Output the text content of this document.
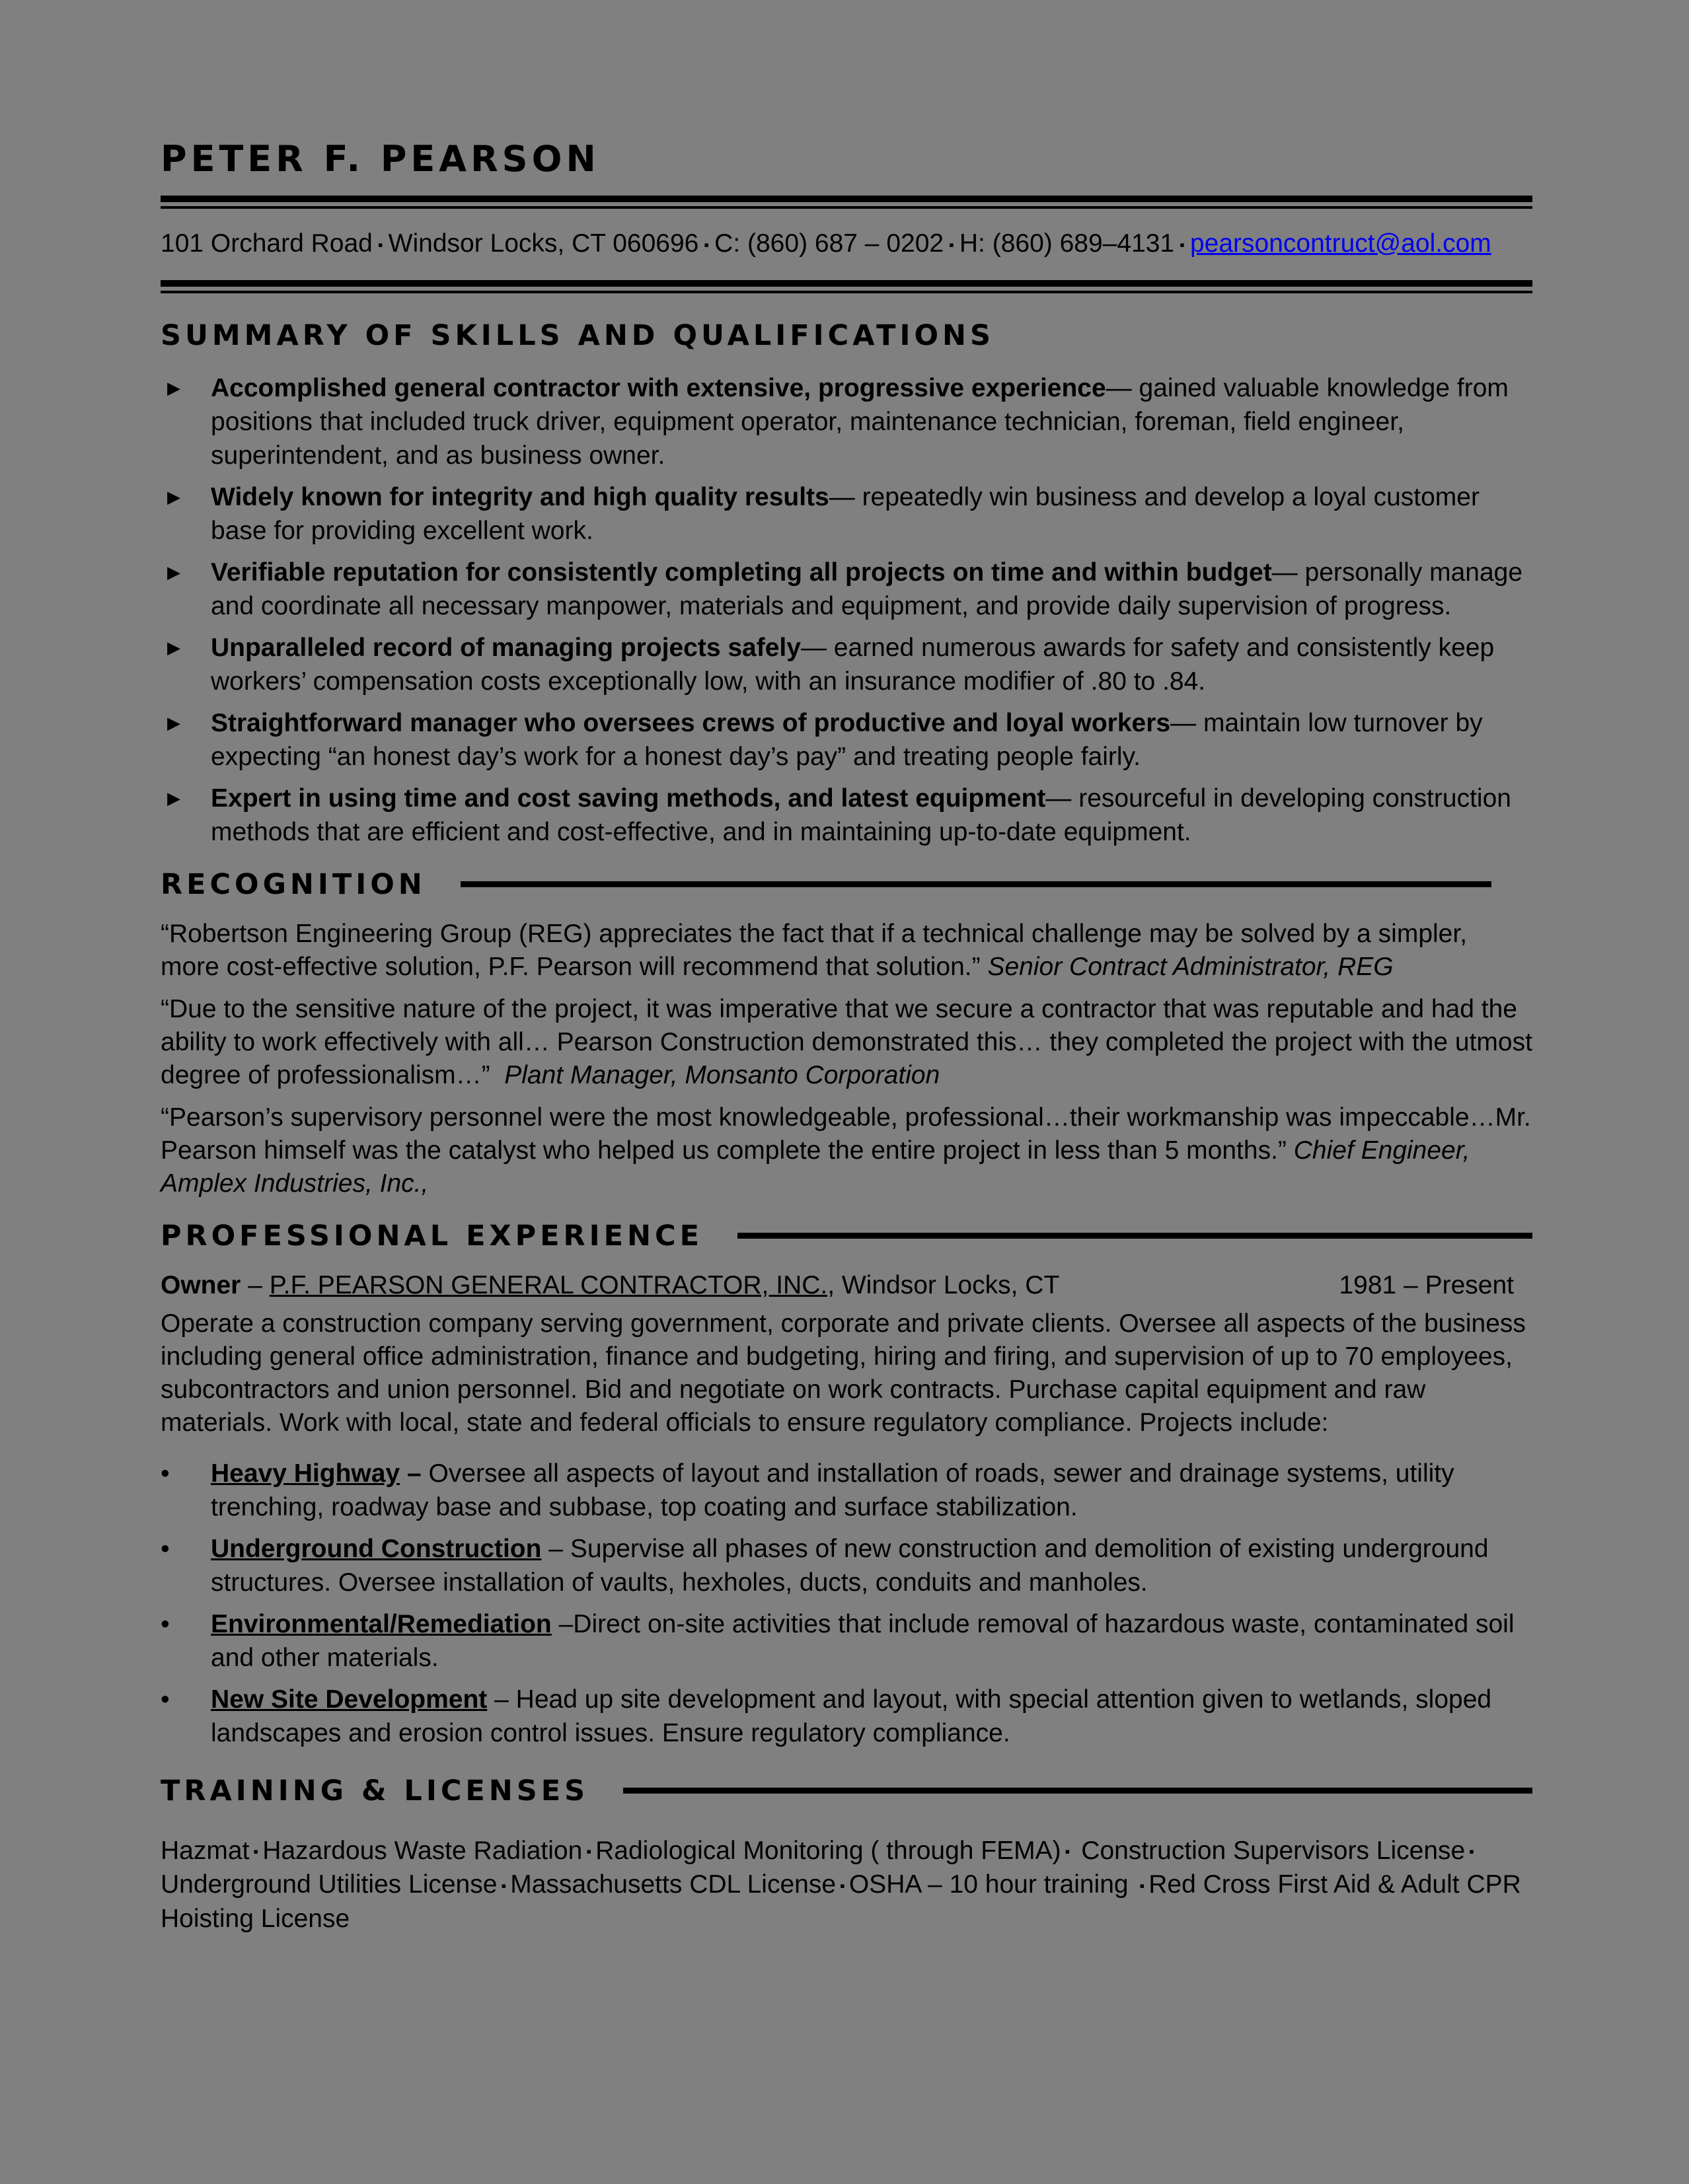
PETER F. PEARSON
101 Orchard Road ▪ Windsor Locks, CT 060696 ▪ C: (860) 687 – 0202 ▪ H: (860) 689–4131 ▪ pearsoncontruct@aol.com
SUMMARY OF SKILLS AND QUALIFICATIONS
▶ Accomplished general contractor with extensive, progressive experience— gained valuable knowledge from positions that included truck driver, equipment operator, maintenance technician, foreman, field engineer, superintendent, and as business owner.
▶ Widely known for integrity and high quality results— repeatedly win business and develop a loyal customer base for providing excellent work.
▶ Verifiable reputation for consistently completing all projects on time and within budget— personally manage and coordinate all necessary manpower, materials and equipment, and provide daily supervision of progress.
▶ Unparalleled record of managing projects safely— earned numerous awards for safety and consistently keep workers’ compensation costs exceptionally low, with an insurance modifier of .80 to .84.
▶ Straightforward manager who oversees crews of productive and loyal workers— maintain low turnover by expecting “an honest day’s work for a honest day’s pay” and treating people fairly.
▶ Expert in using time and cost saving methods, and latest equipment— resourceful in developing construction methods that are efficient and cost-effective, and in maintaining up-to-date equipment.
RECOGNITION

“Robertson Engineering Group (REG) appreciates the fact that if a technical challenge may be solved by a simpler, more cost-effective solution, P.F. Pearson will recommend that solution.” Senior Contract Administrator, REG

“Due to the sensitive nature of the project, it was imperative that we secure a contractor that was reputable and had the ability to work effectively with all… Pearson Construction demonstrated this… they completed the project with the utmost degree of professionalism…” Plant Manager, Monsanto Corporation

“Pearson’s supervisory personnel were the most knowledgeable, professional…their workmanship was impeccable…Mr. Pearson himself was the catalyst who helped us complete the entire project in less than 5 months.” Chief Engineer, Amplex Industries, Inc.,

PROFESSIONAL EXPERIENCE
Owner – P.F. PEARSON GENERAL CONTRACTOR, INC., Windsor Locks, CT	1981 – Present
Operate a construction company serving government, corporate and private clients. Oversee all aspects of the business including general office administration, finance and budgeting, hiring and firing, and supervision of up to 70 employees, subcontractors and union personnel. Bid and negotiate on work contracts. Purchase capital equipment and raw materials. Work with local, state and federal officials to ensure regulatory compliance. Projects include:
• Heavy Highway – Oversee all aspects of layout and installation of roads, sewer and drainage systems, utility trenching, roadway base and subbase, top coating and surface stabilization.
• Underground Construction – Supervise all phases of new construction and demolition of existing underground structures. Oversee installation of vaults, hexholes, ducts, conduits and manholes.
• Environmental/Remediation –Direct on-site activities that include removal of hazardous waste, contaminated soil and other materials.
• New Site Development – Head up site development and layout, with special attention given to wetlands, sloped landscapes and erosion control issues. Ensure regulatory compliance.
TRAINING & LICENSES
Hazmat ▪ Hazardous Waste Radiation ▪ Radiological Monitoring ( through FEMA) ▪ Construction Supervisors License ▪
Underground Utilities License ▪ Massachusetts CDL License ▪ OSHA – 10 hour training ▪ Red Cross First Aid & Adult CPR
Hoisting License
